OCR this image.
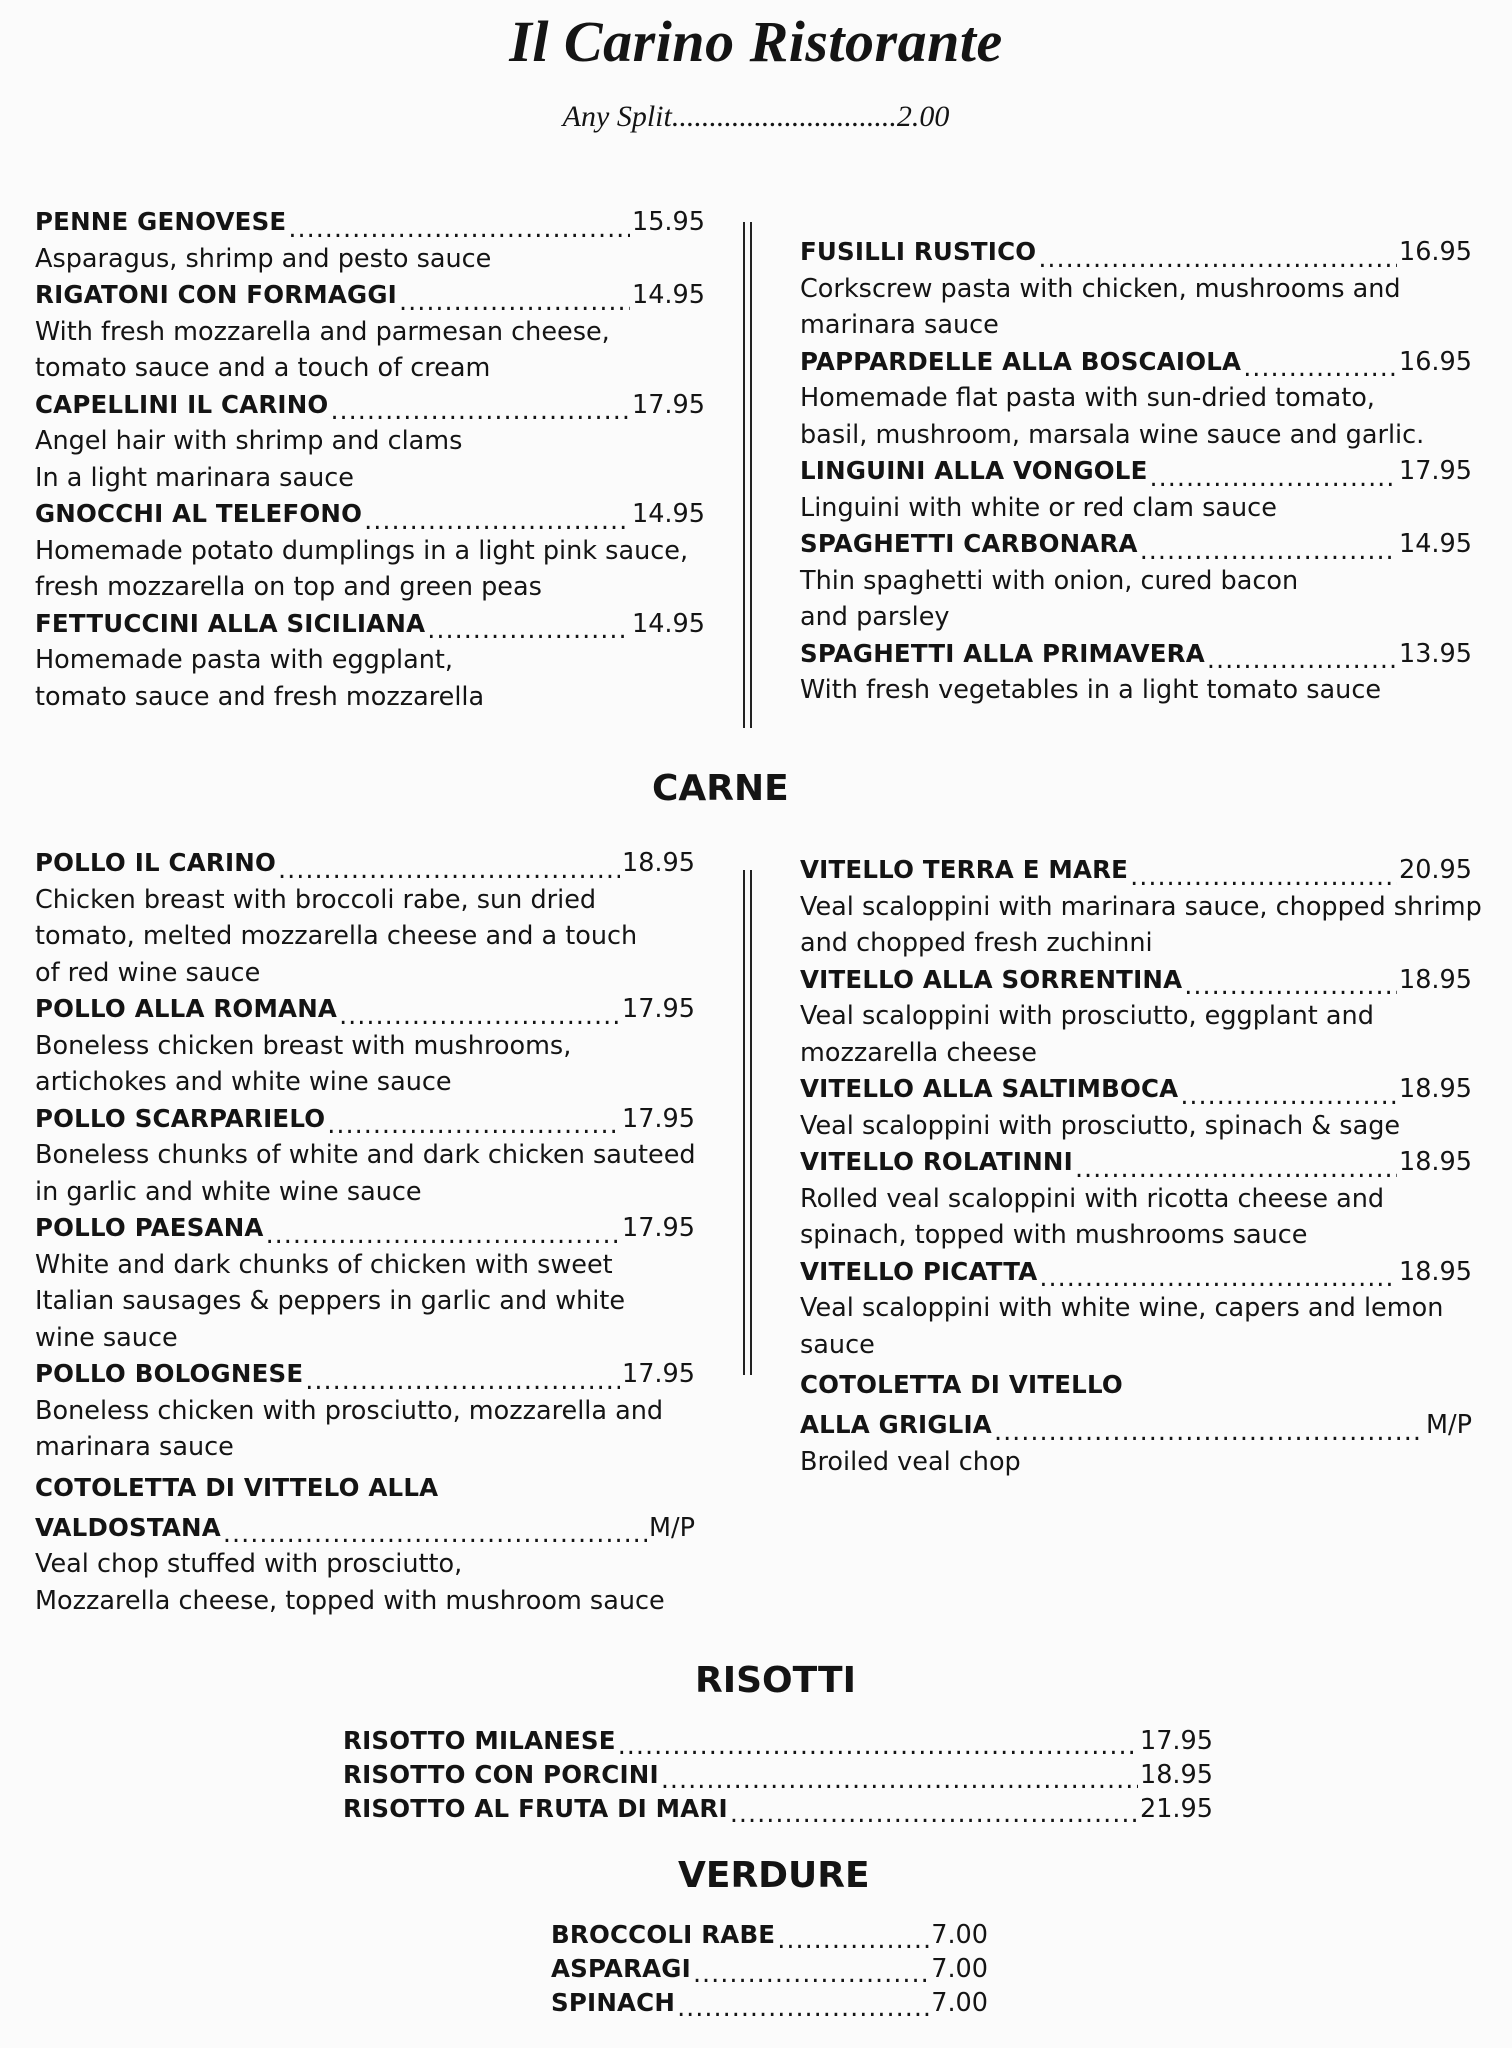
Il Carino Ristorante
Any Split..............................2.00
PENNE GENOVESE .....	15.95
Asparagus, shrimp and pesto sauce
RIGATONI CON FORMAGGI .....	14.95
With fresh mozzarella and parmesan cheese,
tomato sauce and a touch of cream
CAPELLINI IL CARINO .....	17.95
Angel hair with shrimp and clams
In a light marinara sauce
GNOCCHI AL TELEFONO .....	14.95
Homemade potato dumplings in a light pink sauce,
fresh mozzarella on top and green peas
FETTUCCINI ALLA SICILIANA .....	14.95
Homemade pasta with eggplant,
tomato sauce and fresh mozzarella
FUSILLI RUSTICO .....	16.95
Corkscrew pasta with chicken, mushrooms and
marinara sauce
PAPPARDELLE ALLA BOSCAIOLA .....	16.95
Homemade flat pasta with sun-dried tomato,
basil, mushroom, marsala wine sauce and garlic.
LINGUINI ALLA VONGOLE .....	17.95
Linguini with white or red clam sauce
SPAGHETTI CARBONARA .....	14.95
Thin spaghetti with onion, cured bacon
and parsley
SPAGHETTI ALLA PRIMAVERA .....	13.95
With fresh vegetables in a light tomato sauce
CARNE
POLLO IL CARINO .....	18.95
Chicken breast with broccoli rabe, sun dried
tomato, melted mozzarella cheese and a touch
of red wine sauce
POLLO ALLA ROMANA .....	17.95
Boneless chicken breast with mushrooms,
artichokes and white wine sauce
POLLO SCARPARIELO .....	17.95
Boneless chunks of white and dark chicken sauteed
in garlic and white wine sauce
POLLO PAESANA .....	17.95
White and dark chunks of chicken with sweet
Italian sausages & peppers in garlic and white
wine sauce
POLLO BOLOGNESE .....	17.95
Boneless chicken with prosciutto, mozzarella and
marinara sauce
COTOLETTA DI VITTELO ALLA
VALDOSTANA .....	M/P
Veal chop stuffed with prosciutto,
Mozzarella cheese, topped with mushroom sauce
VITELLO TERRA E MARE .....	20.95
Veal scaloppini with marinara sauce, chopped shrimp
and chopped fresh zuchinni
VITELLO ALLA SORRENTINA .....	18.95
Veal scaloppini with prosciutto, eggplant and
mozzarella cheese
VITELLO ALLA SALTIMBOCA .....	18.95
Veal scaloppini with prosciutto, spinach & sage
VITELLO ROLATINNI .....	18.95
Rolled veal scaloppini with ricotta cheese and
spinach, topped with mushrooms sauce
VITELLO PICATTA .....	18.95
Veal scaloppini with white wine, capers and lemon
sauce
COTOLETTA DI VITELLO
ALLA GRIGLIA .....	M/P
Broiled veal chop
RISOTTI
RISOTTO MILANESE .....	17.95
RISOTTO CON PORCINI .....	18.95
RISOTTO AL FRUTA DI MARI .....	21.95
VERDURE
BROCCOLI RABE .....	7.00
ASPARAGI .....	7.00
SPINACH .....	7.00
